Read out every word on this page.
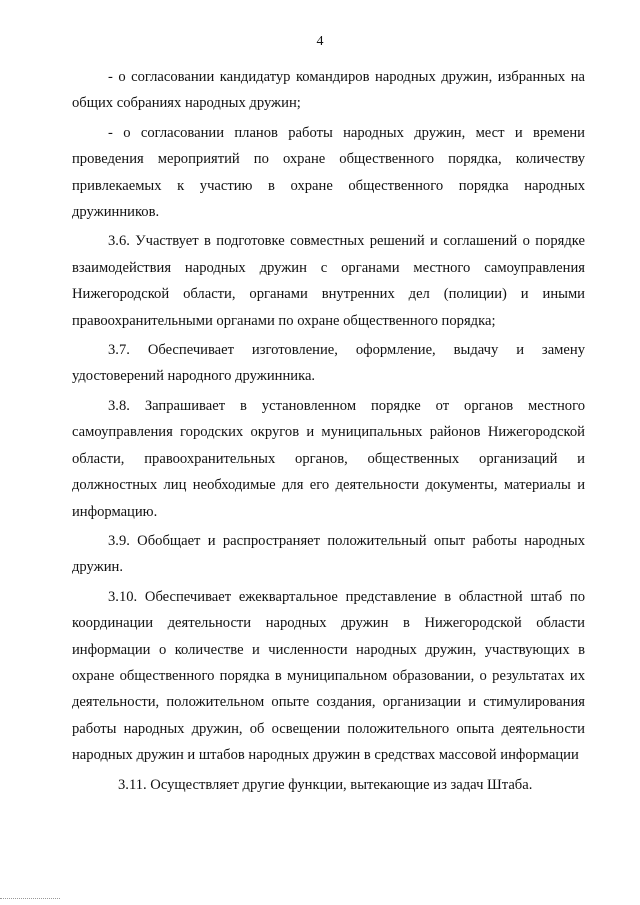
4

- о согласовании кандидатур командиров народных дружин, избранных на общих собраниях народных дружин;

- о согласовании планов работы народных дружин, мест и времени проведения мероприятий по охране общественного порядка, количеству привлекаемых к участию в охране общественного порядка народных дружинников.

3.6. Участвует в подготовке совместных решений и соглашений о порядке взаимодействия народных дружин с органами местного самоуправления Нижегородской области, органами внутренних дел (полиции) и иными правоохранительными органами по охране общественного порядка;

3.7. Обеспечивает изготовление, оформление, выдачу и замену удостоверений народного дружинника.

3.8. Запрашивает в установленном порядке от органов местного самоуправления городских округов и муниципальных районов Нижегородской области, правоохранительных органов, общественных организаций и должностных лиц необходимые для его деятельности документы, материалы и информацию.

3.9. Обобщает и распространяет положительный опыт работы народных дружин.

3.10. Обеспечивает ежеквартальное представление в областной штаб по координации деятельности народных дружин в Нижегородской области информации о количестве и численности народных дружин, участвующих в охране общественного порядка в муниципальном образовании, о результатах их деятельности, положительном опыте создания, организации и стимулирования работы народных дружин, об освещении положительного опыта деятельности народных дружин и штабов народных дружин в средствах массовой информации

3.11. Осуществляет другие функции, вытекающие из задач Штаба.
